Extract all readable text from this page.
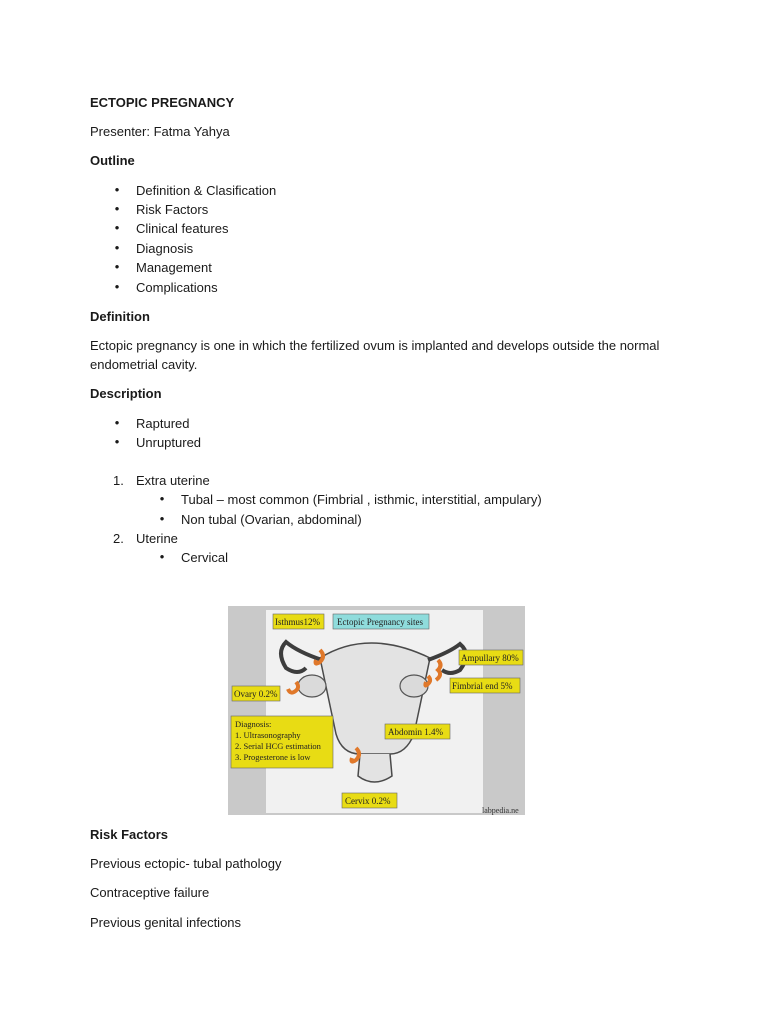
ECTOPIC PREGNANCY
Presenter: Fatma Yahya
Outline
•	Definition & Clasification
•	Risk Factors
•	Clinical features
•	Diagnosis
•	Management
•	Complications
Definition
Ectopic pregnancy is one in which the fertilized ovum is implanted and develops outside the normal
endometrial cavity.
Description
•	Raptured
•	Unruptured
1. Extra uterine
•	Tubal – most common (Fimbrial , isthmic, interstitial, ampulary)
•	Non tubal (Ovarian, abdominal)
2. Uterine
•	Cervical
Isthmus12% Ectopic Pregnancy sites
Ampullary 80%
Ovary 0.2%
Fimbrial end 5%
Diagnosis:
1. Ultrasonography
2. Serial HCG estimation
3. Progesterone is low
Abdomin 1.4%
Cervix 0.2%
labpedia.ne
Risk Factors
Previous ectopic- tubal pathology
Contraceptive failure
Previous genital infections
